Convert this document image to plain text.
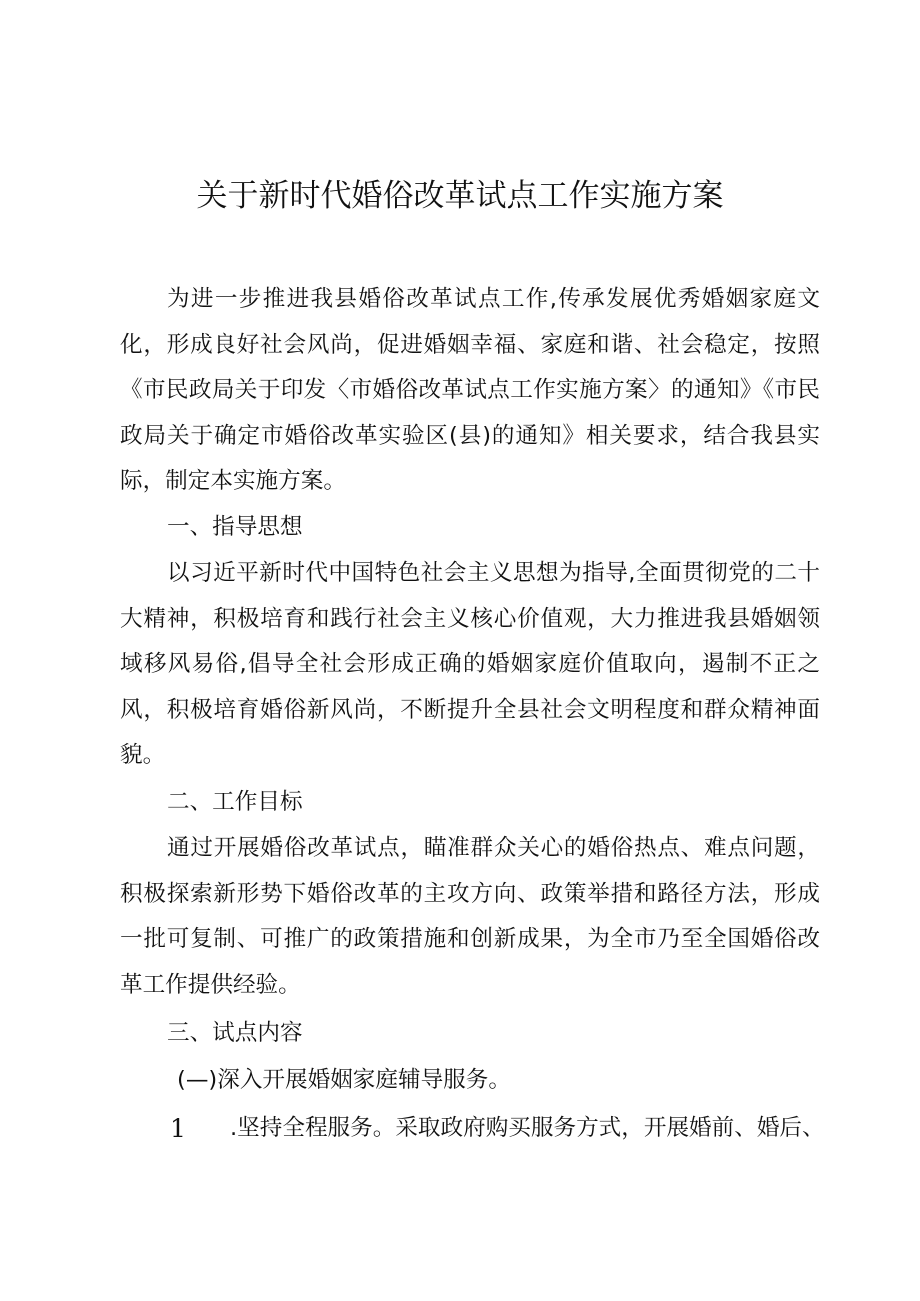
关于新时代婚俗改革试点工作实施方案

为进一步推进我县婚俗改革试点工作,传承发展优秀婚姻家庭文化，形成良好社会风尚，促进婚姻幸福、家庭和谐、社会稳定，按照《市民政局关于印发〈市婚俗改革试点工作实施方案〉的通知》《市民政局关于确定市婚俗改革实验区(县)的通知》相关要求，结合我县实际，制定本实施方案。

一、指导思想

以习近平新时代中国特色社会主义思想为指导,全面贯彻党的二十大精神，积极培育和践行社会主义核心价值观，大力推进我县婚姻领域移风易俗,倡导全社会形成正确的婚姻家庭价值取向，遏制不正之风，积极培育婚俗新风尚，不断提升全县社会文明程度和群众精神面貌。

二、工作目标

通过开展婚俗改革试点，瞄准群众关心的婚俗热点、难点问题，积极探索新形势下婚俗改革的主攻方向、政策举措和路径方法，形成一批可复制、可推广的政策措施和创新成果，为全市乃至全国婚俗改革工作提供经验。

三、试点内容

(—)深入开展婚姻家庭辅导服务。

1 .坚持全程服务。采取政府购买服务方式，开展婚前、婚后、
